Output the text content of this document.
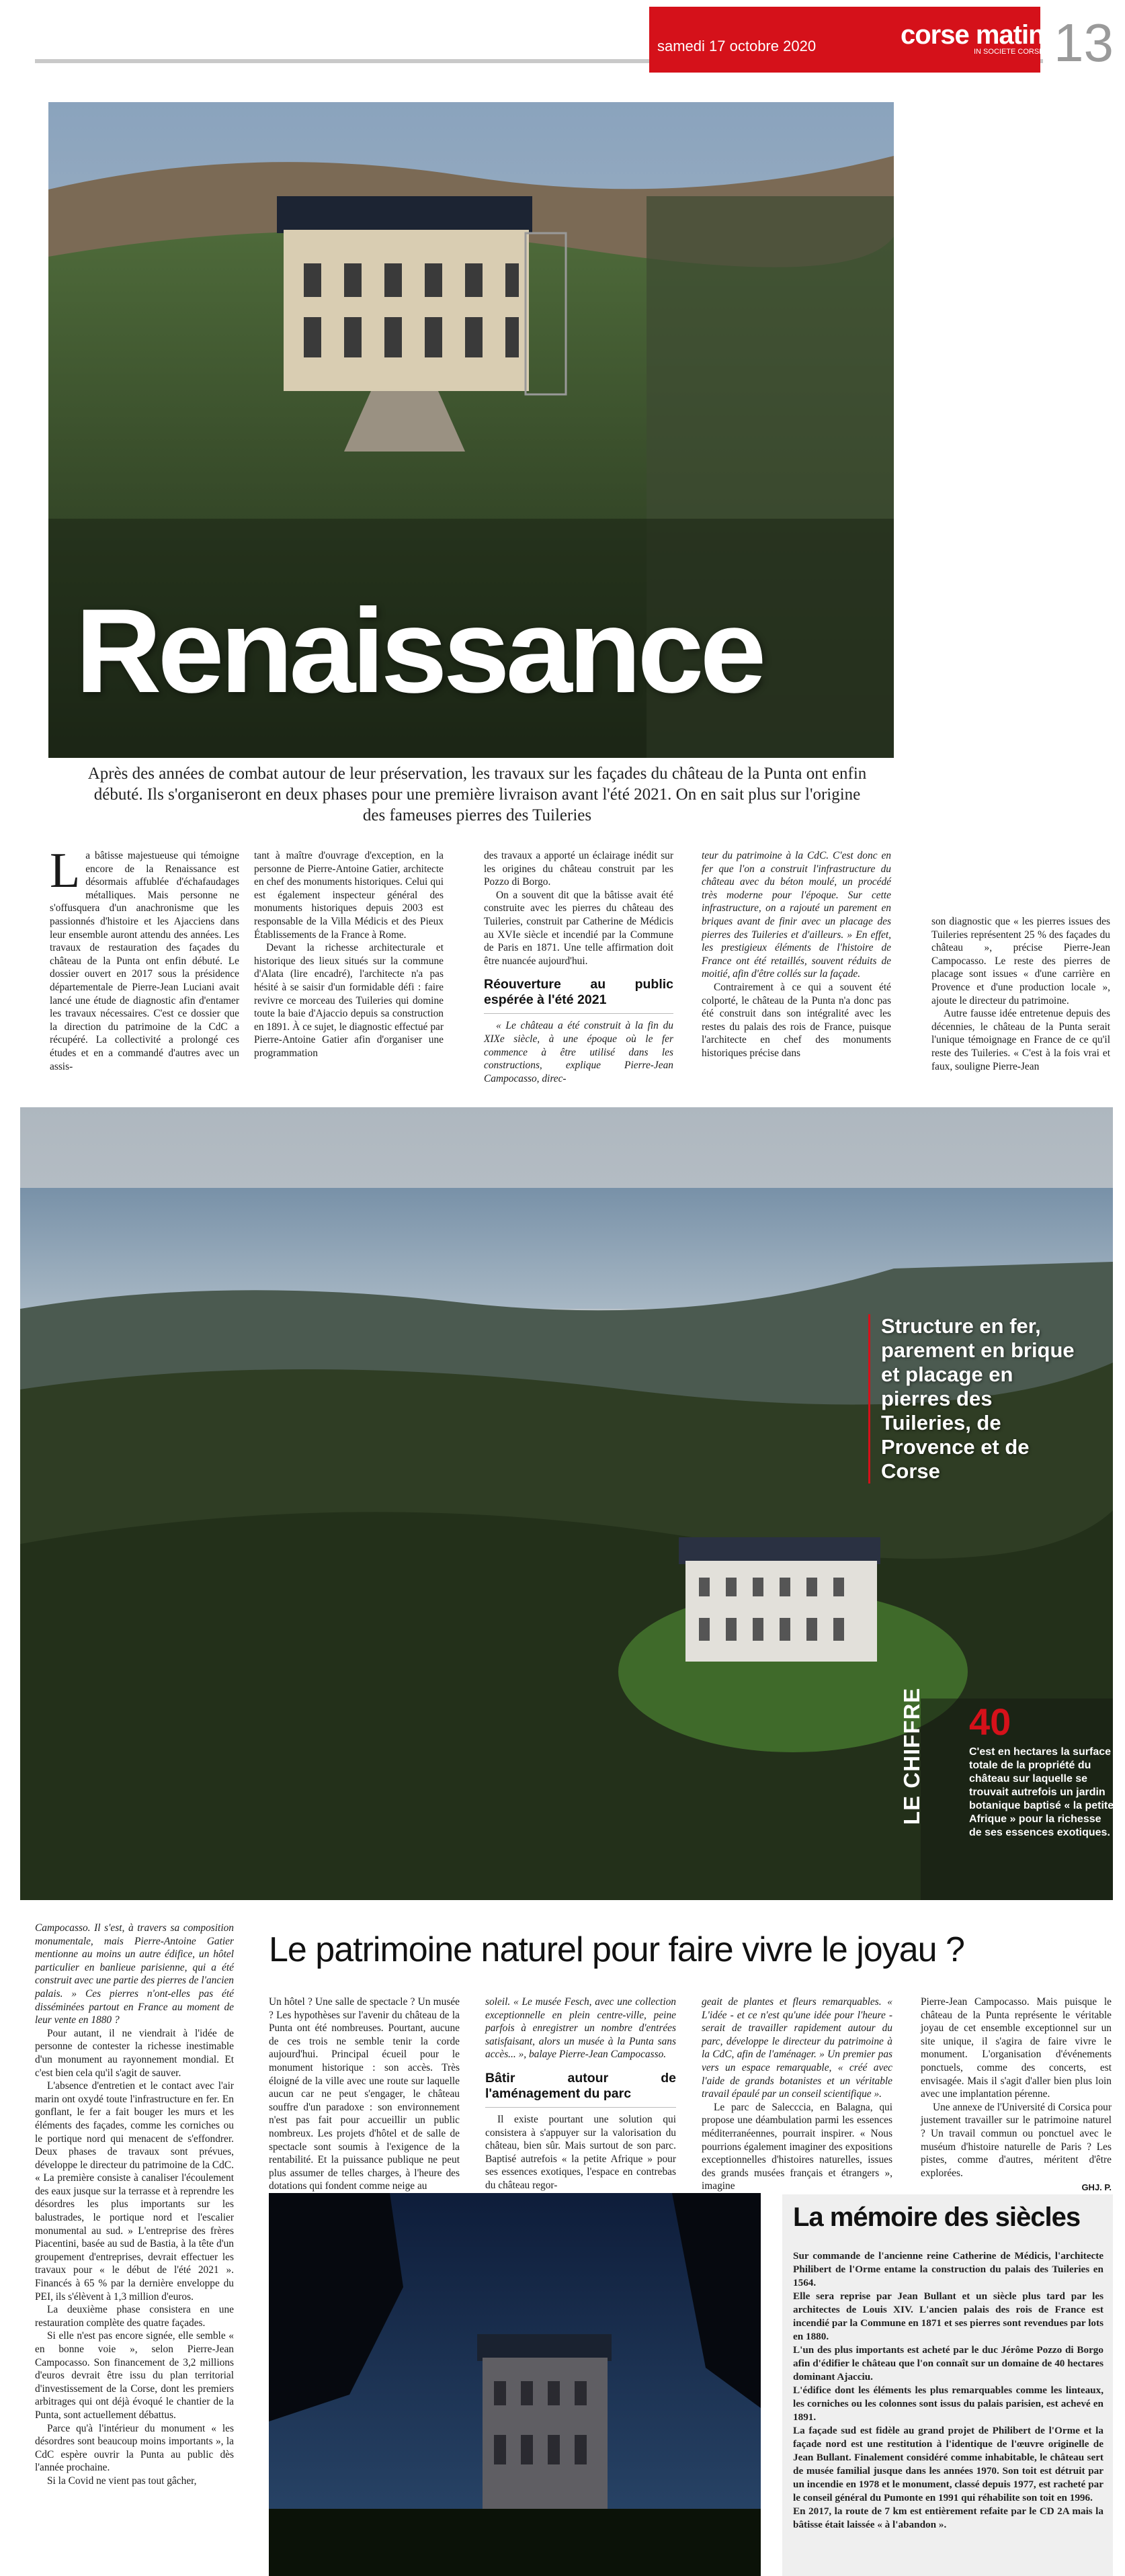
samedi 17 octobre 2020	corse matin
IN SOCIETE CORSE 13
Renaissance
Après des années de combat autour de leur préservation, les travaux sur les façades du château de la Punta ont enfin débuté. Ils s'organiseront en deux phases pour une première livraison avant l'été 2021. On en sait plus sur l'origine des fameuses pierres des Tuileries
L a bâtisse majestueuse qui témoigne encore de la Renaissance est désormais affublée d'échafaudages métalliques. Mais personne ne s'offusquera d'un anachronisme que les passionnés d'histoire et les Ajacciens dans leur ensemble auront attendu des années. Les travaux de restauration des façades du château de la Punta ont enfin débuté. Le dossier ouvert en 2017 sous la présidence départementale de Pierre-Jean Luciani avait lancé une étude de diagnostic afin d'entamer les travaux nécessaires. C'est ce dossier que la direction du patrimoine de la CdC a récupéré. La collectivité a prolongé ces études et en a commandé d'autres avec un assis-

tant à maître d'ouvrage d'exception, en la personne de Pierre-Antoine Gatier, architecte en chef des monuments historiques. Celui qui est également inspecteur général des monuments historiques depuis 2003 est responsable de la Villa Médicis et des Pieux Établissements de la France à Rome.

Devant la richesse architecturale et historique des lieux situés sur la commune d'Alata (lire encadré), l'architecte n'a pas hésité à se saisir d'un formidable défi : faire revivre ce morceau des Tuileries qui domine toute la baie d'Ajaccio depuis sa construction en 1891. À ce sujet, le diagnostic effectué par Pierre-Antoine Gatier afin d'organiser une programmation

des travaux a apporté un éclairage inédit sur les origines du château construit par les Pozzo di Borgo.

On a souvent dit que la bâtisse avait été construite avec les pierres du château des Tuileries, construit par Catherine de Médicis au XVIe siècle et incendié par la Commune de Paris en 1871. Une telle affirmation doit être nuancée aujourd'hui.

Réouverture au public espérée à l'été 2021

« Le château a été construit à la fin du XIXe siècle, à une époque où le fer commence à être utilisé dans les constructions, explique Pierre-Jean Campocasso, direc-

teur du patrimoine à la CdC. C'est donc en fer que l'on a construit l'infrastructure du château avec du béton moulé, un procédé très moderne pour l'époque. Sur cette infrastructure, on a rajouté un parement en briques avant de finir avec un placage des pierres des Tuileries et d'ailleurs. » En effet, les prestigieux éléments de l'histoire de France ont été retaillés, souvent réduits de moitié, afin d'être collés sur la façade.

Contrairement à ce qui a souvent été colporté, le château de la Punta n'a donc pas été construit dans son intégralité avec les restes du palais des rois de France, puisque l'architecte en chef des monuments historiques précise dans

son diagnostic que « les pierres issues des Tuileries représentent 25 % des façades du château », précise Pierre-Jean Campocasso. Le reste des pierres de placage sont issues « d'une carrière en Provence et d'une production locale », ajoute le directeur du patrimoine.

Autre fausse idée entretenue depuis des décennies, le château de la Punta serait l'unique témoignage en France de ce qu'il reste des Tuileries. « C'est à la fois vrai et faux, souligne Pierre-Jean

Structure en fer, parement en brique et placage en pierres des Tuileries, de Provence et de Corse
LE CHIFFRE 40
C'est en hectares la surface totale de la propriété du château sur laquelle se trouvait autrefois un jardin botanique baptisé « la petite Afrique » pour la richesse de ses essences exotiques.

Campocasso. Il s'est, à travers sa composition monumentale, mais Pierre-Antoine Gatier mentionne au moins un autre édifice, un hôtel particulier en banlieue parisienne, qui a été construit avec une partie des pierres de l'ancien palais. » Ces pierres n'ont-elles pas été disséminées partout en France au moment de leur vente en 1880 ?

Pour autant, il ne viendrait à l'idée de personne de contester la richesse inestimable d'un monument au rayonnement mondial. Et c'est bien cela qu'il s'agit de sauver.

L'absence d'entretien et le contact avec l'air marin ont oxydé toute l'infrastructure en fer. En gonflant, le fer a fait bouger les murs et les éléments des façades, comme les corniches ou le portique nord qui menacent de s'effondrer. Deux phases de travaux sont prévues, développe le directeur du patrimoine de la CdC. « La première consiste à canaliser l'écoulement des eaux jusque sur la terrasse et à reprendre les désordres les plus importants sur les balustrades, le portique nord et l'escalier monumental au sud. » L'entreprise des frères Piacentini, basée au sud de Bastia, à la tête d'un groupement d'entreprises, devrait effectuer les travaux pour « le début de l'été 2021 ». Financés à 65 % par la dernière enveloppe du PEI, ils s'élèvent à 1,3 million d'euros.

La deuxième phase consistera en une restauration complète des quatre façades.

Si elle n'est pas encore signée, elle semble « en bonne voie », selon Pierre-Jean Campocasso. Son financement de 3,2 millions d'euros devrait être issu du plan territorial d'investissement de la Corse, dont les premiers arbitrages qui ont déjà évoqué le chantier de la Punta, sont actuellement débattus.

Parce qu'à l'intérieur du monument « les désordres sont beaucoup moins importants », la CdC espère ouvrir la Punta au public dès l'année prochaine.

Si la Covid ne vient pas tout gâcher,

Le patrimoine naturel pour faire vivre le joyau ?

Un hôtel ? Une salle de spectacle ? Un musée ? Les hypothèses sur l'avenir du château de la Punta ont été nombreuses. Pourtant, aucune de ces trois ne semble tenir la corde aujourd'hui. Principal écueil pour le monument historique : son accès. Très éloigné de la ville avec une route sur laquelle aucun car ne peut s'engager, le château souffre d'un paradoxe : son environnement n'est pas fait pour accueillir un public nombreux. Les projets d'hôtel et de salle de spectacle sont soumis à l'exigence de la rentabilité. Et la puissance publique ne peut plus assumer de telles charges, à l'heure des dotations qui fondent comme neige au

soleil. « Le musée Fesch, avec une collection exceptionnelle en plein centre-ville, peine parfois à enregistrer un nombre d'entrées satisfaisant, alors un musée à la Punta sans accès... », balaye Pierre-Jean Campocasso.

Bâtir autour de l'aménagement du parc

Il existe pourtant une solution qui consistera à s'appuyer sur la valorisation du château, bien sûr. Mais surtout de son parc. Baptisé autrefois « la petite Afrique » pour ses essences exotiques, l'espace en contrebas du château regor-

geait de plantes et fleurs remarquables. « L'idée - et ce n'est qu'une idée pour l'heure - serait de travailler rapidement autour du parc, développe le directeur du patrimoine à la CdC, afin de l'aménager. » Un premier pas vers un espace remarquable, « créé avec l'aide de grands botanistes et un véritable travail épaulé par un conseil scientifique ».

Le parc de Salecccia, en Balagna, qui propose une déambulation parmi les essences méditerranéennes, pourrait inspirer. « Nous pourrions également imaginer des expositions exceptionnelles d'histoires naturelles, issues des grands musées français et étrangers », imagine

Pierre-Jean Campocasso. Mais puisque le château de la Punta représente le véritable joyau de cet ensemble exceptionnel sur un site unique, il s'agira de faire vivre le monument. L'organisation d'événements ponctuels, comme des concerts, est envisagée. Mais il s'agit d'aller bien plus loin avec une implantation pérenne.

Une annexe de l'Université di Corsica pour justement travailler sur le patrimoine naturel ? Un travail commun ou ponctuel avec le muséum d'histoire naturelle de Paris ? Les pistes, comme d'autres, méritent d'être explorées.

GHJ. P.
La mémoire des siècles

Sur commande de l'ancienne reine Catherine de Médicis, l'architecte Philibert de l'Orme entame la construction du palais des Tuileries en 1564.

Elle sera reprise par Jean Bullant et un siècle plus tard par les architectes de Louis XIV. L'ancien palais des rois de France est incendié par la Commune en 1871 et ses pierres sont revendues par lots en 1880.

L'un des plus importants est acheté par le duc Jérôme Pozzo di Borgo afin d'édifier le château que l'on connaît sur un domaine de 40 hectares dominant Ajacciu.

L'édifice dont les éléments les plus remarquables comme les linteaux, les corniches ou les colonnes sont issus du palais parisien, est achevé en 1891.

La façade sud est fidèle au grand projet de Philibert de l'Orme et la façade nord est une restitution à l'identique de l'œuvre originelle de Jean Bullant. Finalement considéré comme inhabitable, le château sert de musée familial jusque dans les années 1970. Son toit est détruit par un incendie en 1978 et le monument, classé depuis 1977, est racheté par le conseil général du Pumonte en 1991 qui réhabilite son toit en 1996.

En 2017, la route de 7 km est entièrement refaite par le CD 2A mais la bâtisse était laissée « à l'abandon ».
